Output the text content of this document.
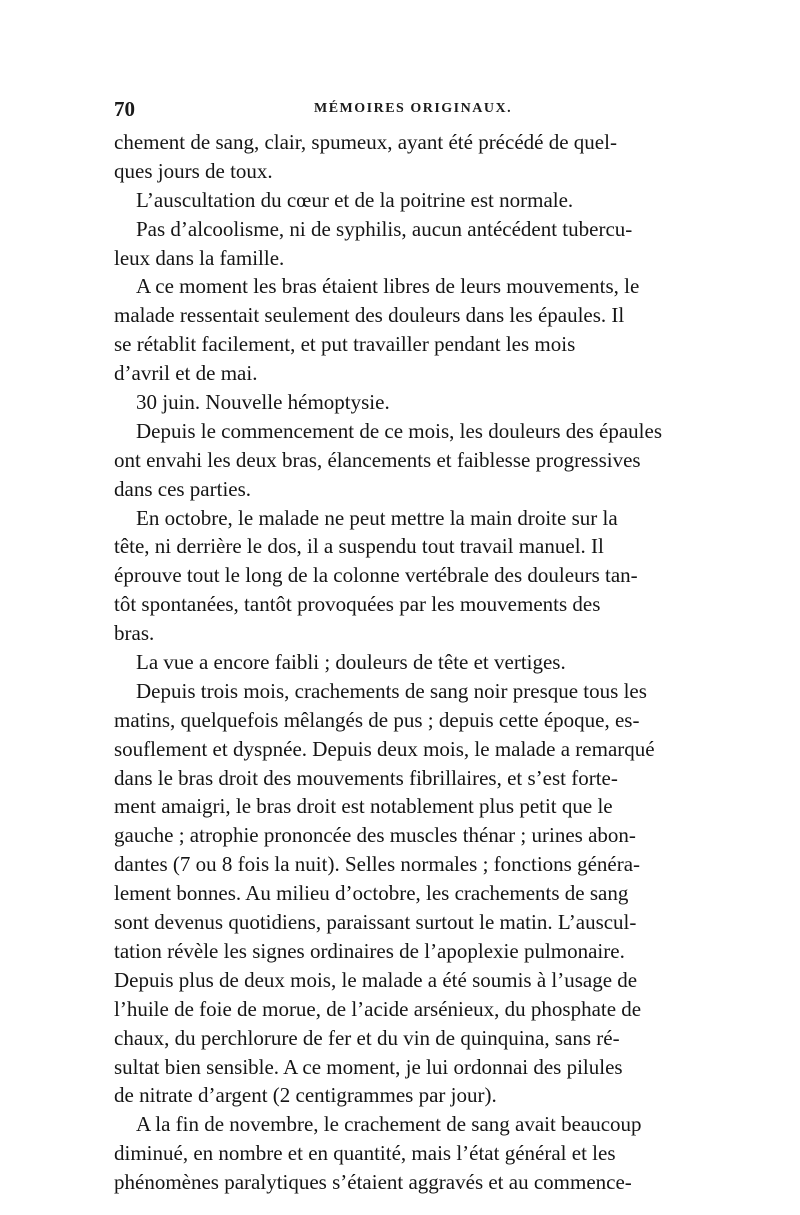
70	MÉMOIRES ORIGINAUX.
chement de sang, clair, spumeux, ayant été précédé de quel-
ques jours de toux.
L’auscultation du cœur et de la poitrine est normale.
Pas d’alcoolisme, ni de syphilis, aucun antécédent tubercu-
leux dans la famille.
A ce moment les bras étaient libres de leurs mouvements, le
malade ressentait seulement des douleurs dans les épaules. Il
se rétablit facilement, et put travailler pendant les mois
d’avril et de mai.
30 juin. Nouvelle hémoptysie.
Depuis le commencement de ce mois, les douleurs des épaules
ont envahi les deux bras, élancements et faiblesse progressives
dans ces parties.
En octobre, le malade ne peut mettre la main droite sur la
tête, ni derrière le dos, il a suspendu tout travail manuel. Il
éprouve tout le long de la colonne vertébrale des douleurs tan-
tôt spontanées, tantôt provoquées par les mouvements des
bras.
La vue a encore faibli ; douleurs de tête et vertiges.
Depuis trois mois, crachements de sang noir presque tous les
matins, quelquefois mêlangés de pus ; depuis cette époque, es-
souflement et dyspnée. Depuis deux mois, le malade a remarqué
dans le bras droit des mouvements fibrillaires, et s’est forte-
ment amaigri, le bras droit est notablement plus petit que le
gauche ; atrophie prononcée des muscles thénar ; urines abon-
dantes (7 ou 8 fois la nuit). Selles normales ; fonctions généra-
lement bonnes. Au milieu d’octobre, les crachements de sang
sont devenus quotidiens, paraissant surtout le matin. L’auscul-
tation révèle les signes ordinaires de l’apoplexie pulmonaire.
Depuis plus de deux mois, le malade a été soumis à l’usage de
l’huile de foie de morue, de l’acide arsénieux, du phosphate de
chaux, du perchlorure de fer et du vin de quinquina, sans ré-
sultat bien sensible. A ce moment, je lui ordonnai des pilules
de nitrate d’argent (2 centigrammes par jour).
A la fin de novembre, le crachement de sang avait beaucoup
diminué, en nombre et en quantité, mais l’état général et les
phénomènes paralytiques s’étaient aggravés et au commence-
